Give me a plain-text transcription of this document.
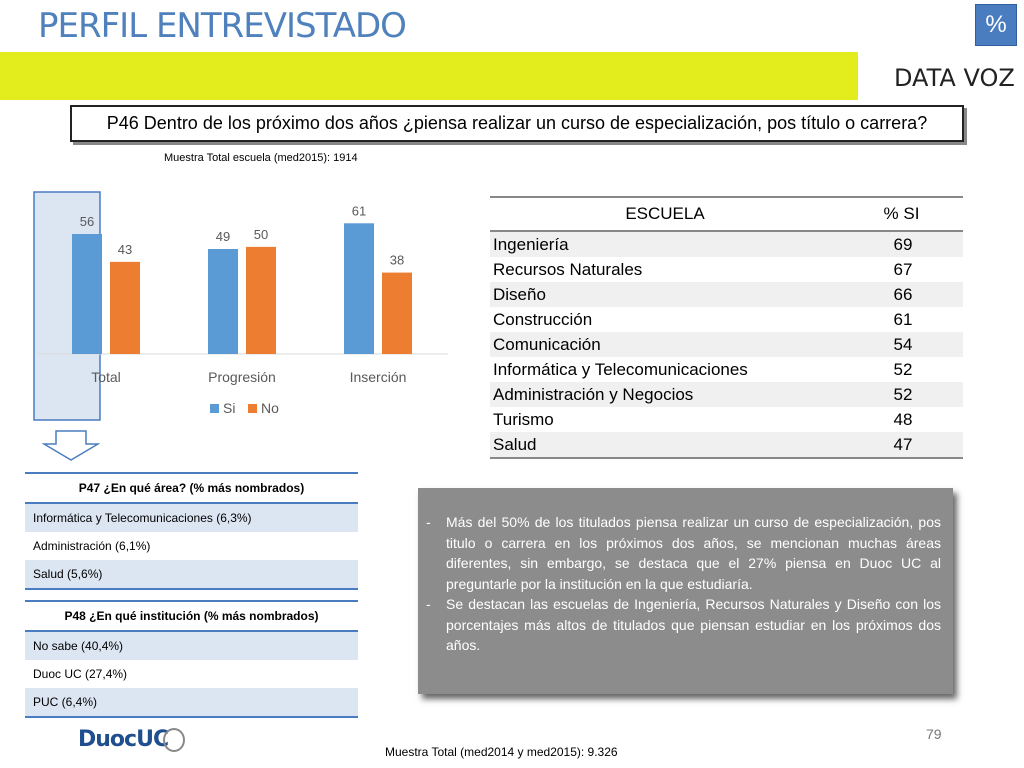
PERFIL ENTREVISTADO	%
DATA VOZ
P46 Dentro de los próximo dos años ¿piensa realizar un curso de especialización, pos título o carrera?
Muestra Total escuela (med2015): 1914
56
43
Total
49 50
Progresión
61
38
Inserción
Si No
ESCUELA	% SI
Ingeniería	69
Recursos Naturales	67
Diseño	66
Construcción	61
Comunicación	54
Informática y Telecomunicaciones	52
Administración y Negocios	52
Turismo	48
Salud	47
P47 ¿En qué área? (% más nombrados)
Informática y Telecomunicaciones (6,3%)
Administración (6,1%)
Salud (5,6%)
P48 ¿En qué institución (% más nombrados)
No sabe (40,4%)
Duoc UC (27,4%)
PUC (6,4%)
- Más del 50% de los titulados piensa realizar un curso de especialización, pos titulo o carrera en los próximos dos años, se mencionan muchas áreas diferentes, sin embargo, se destaca que el 27% piensa en Duoc UC al preguntarle por la institución en la que estudiaría.
- Se destacan las escuelas de Ingeniería, Recursos Naturales y Diseño con los porcentajes más altos de titulados que piensan estudiar en los próximos dos años.
79
Muestra Total (med2014 y med2015): 9.326
DuocUC
